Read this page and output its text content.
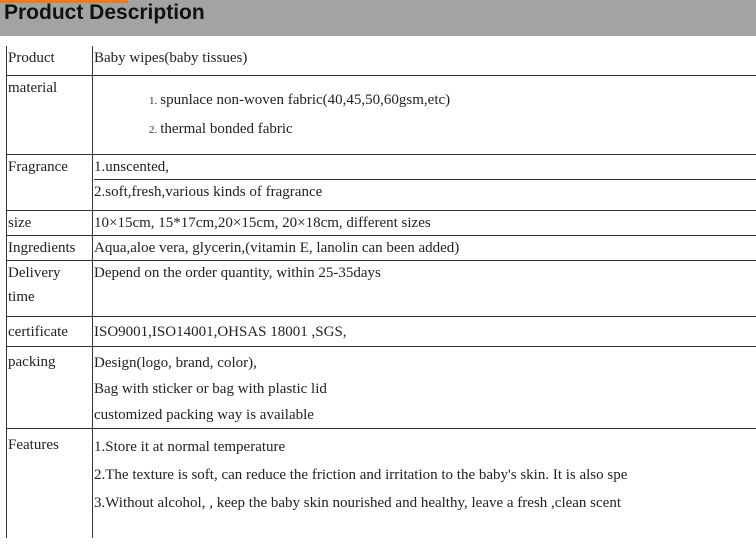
Product Description
Product	Baby wipes(baby tissues)

material	1. spunlace non-woven fabric(40,45,50,60gsm,etc)
2. thermal bonded fabric

Fragrance	1.unscented,
2.soft,fresh,various kinds of fragrance

size	10×15cm, 15*17cm,20×15cm, 20×18cm, different sizes

Ingredients	Aqua,aloe vera, glycerin,(vitamin E, lanolin can been added)

Delivery
time	Depend on the order quantity, within 25-35days

certificate	ISO9001,ISO14001,OHSAS 18001 ,SGS,

packing	Design(logo, brand, color),
Bag with sticker or bag with plastic lid
customized packing way is available

Features	1.Store it at normal temperature
2.The texture is soft, can reduce the friction and irritation to the baby's skin. It is also spe
3.Without alcohol, , keep the baby skin nourished and healthy, leave a fresh ,clean scent
